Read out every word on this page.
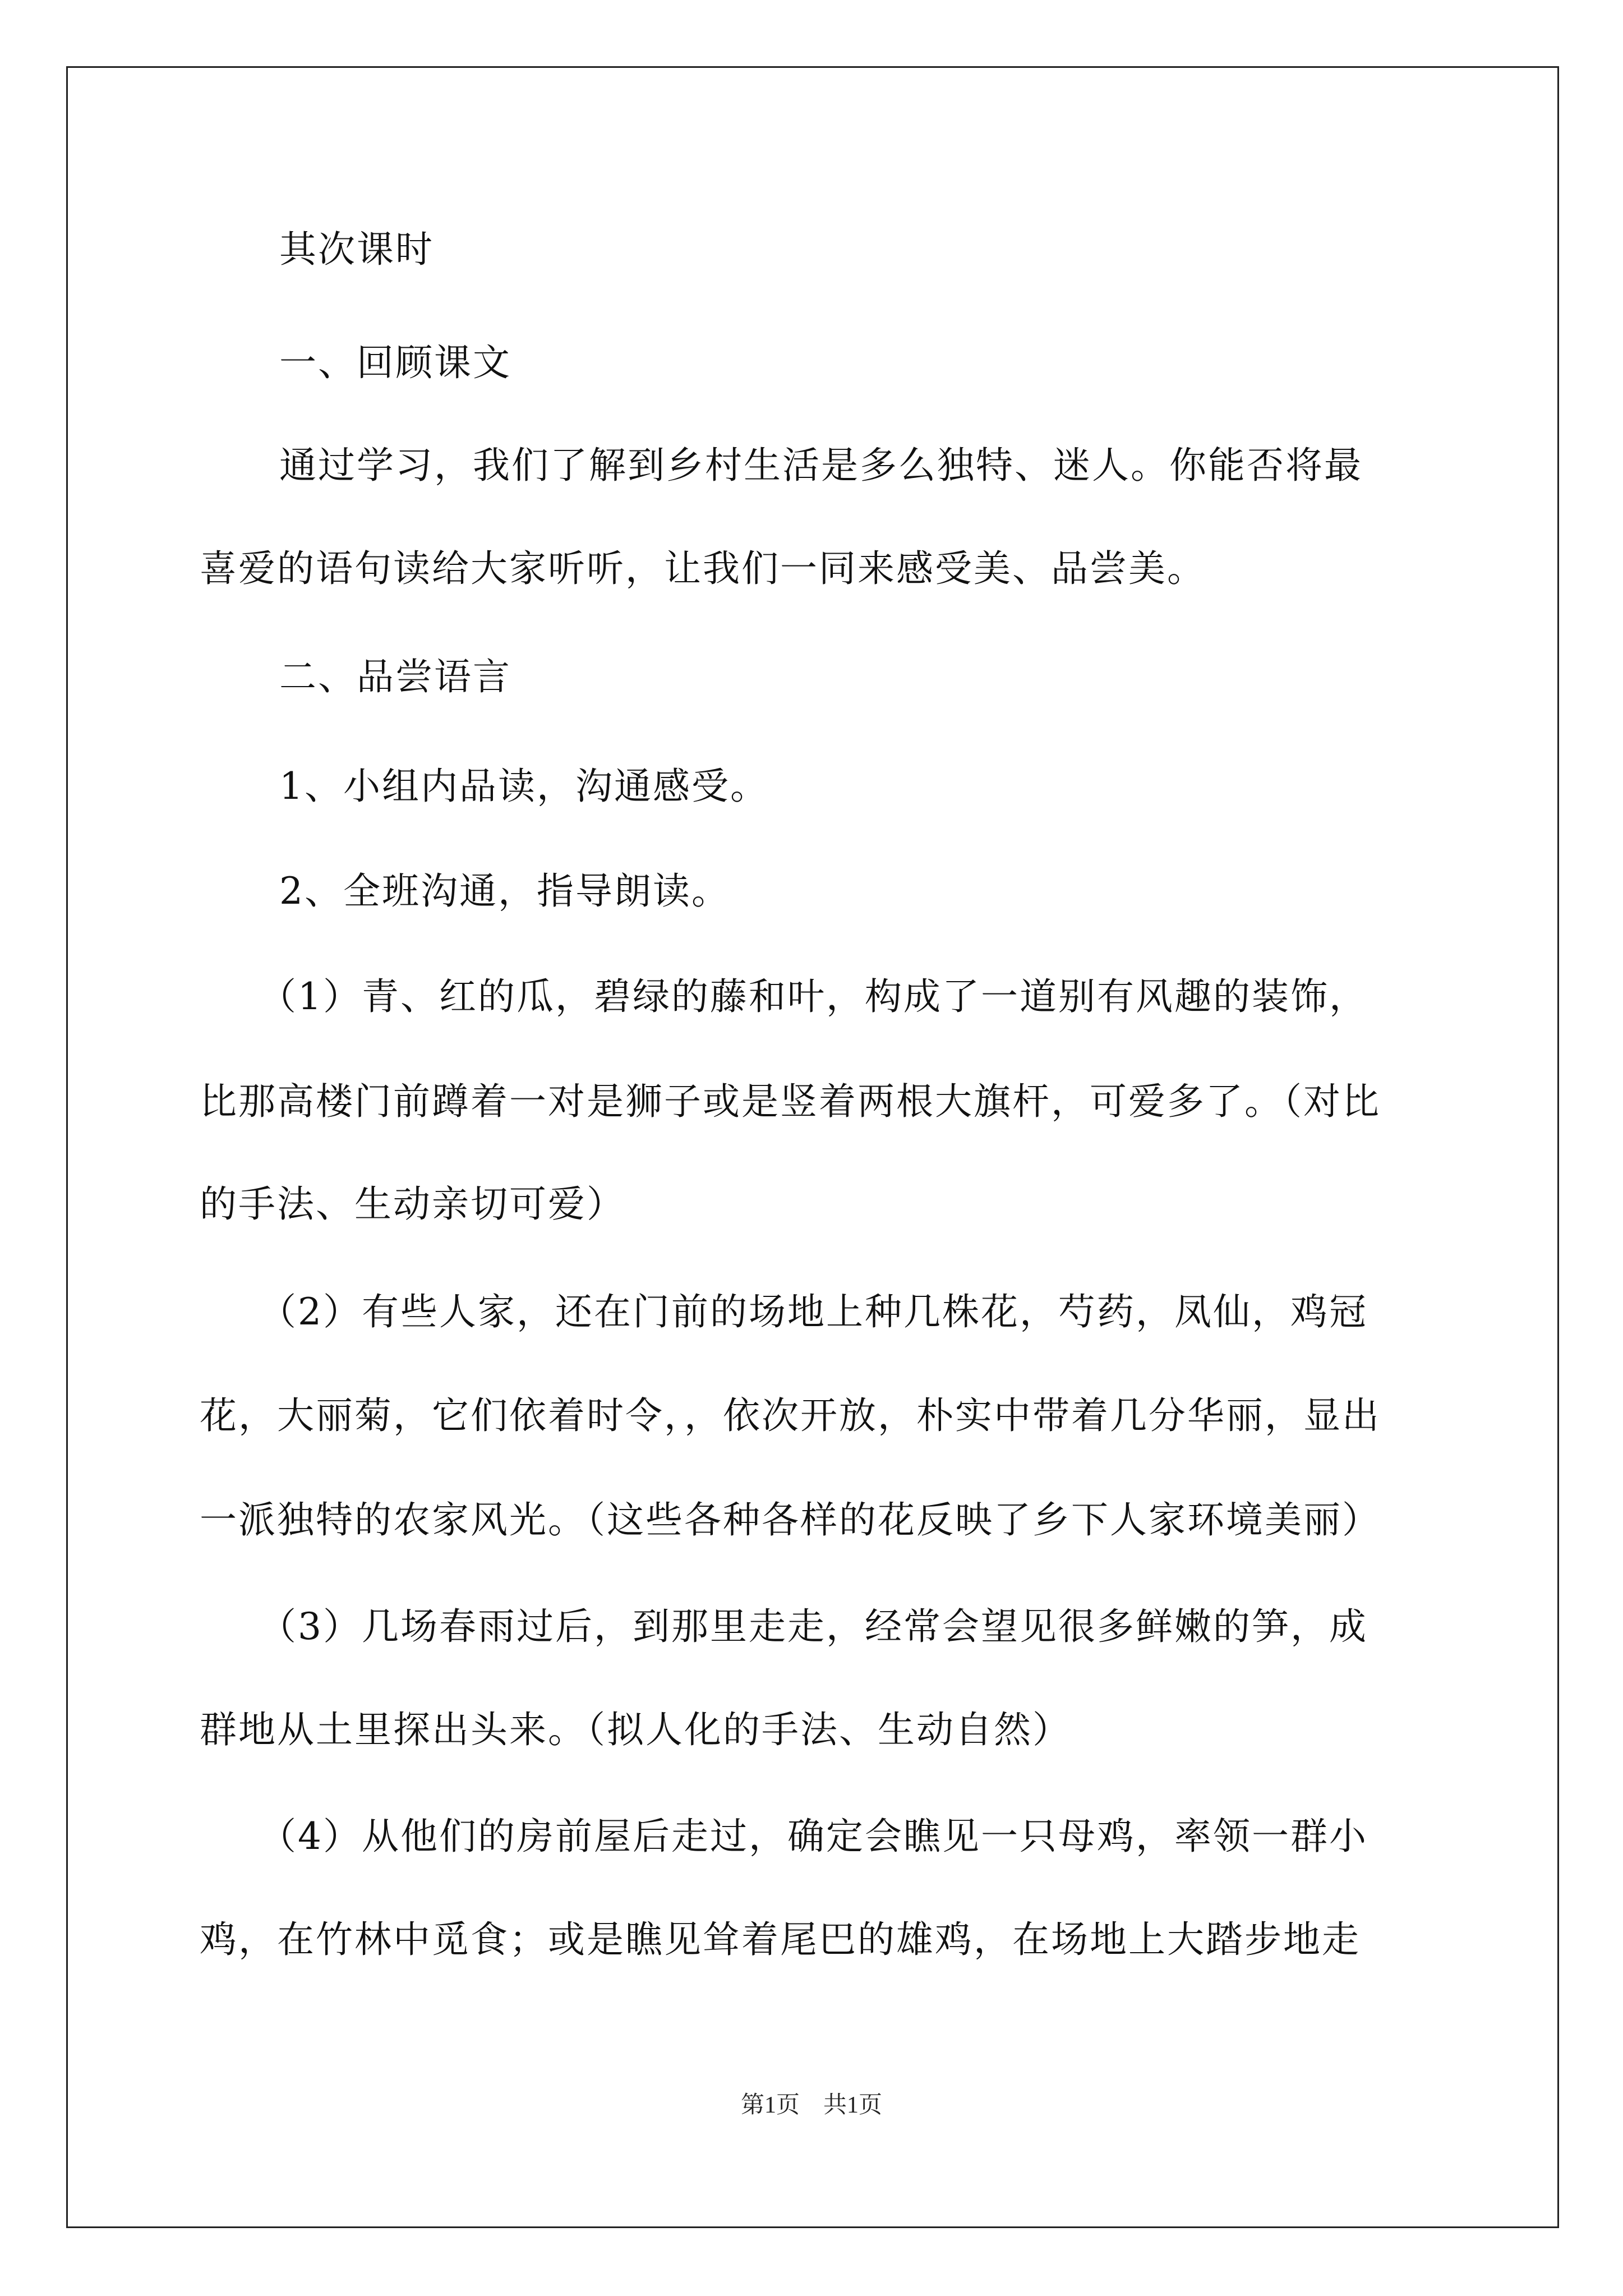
其次课时
一、回顾课文
通过学习，我们了解到乡村生活是多么独特、迷人。你能否将最
喜爱的语句读给大家听听，让我们一同来感受美、品尝美。
二、品尝语言
1、小组内品读，沟通感受。
2、全班沟通，指导朗读。
（1）青、红的瓜，碧绿的藤和叶，构成了一道别有风趣的装饰，
比那高楼门前蹲着一对是狮子或是竖着两根大旗杆，可爱多了。（对比
的手法、生动亲切可爱）
（2）有些人家，还在门前的场地上种几株花，芍药，凤仙，鸡冠
花，大丽菊，它们依着时令，，依次开放，朴实中带着几分华丽，显出
一派独特的农家风光。（这些各种各样的花反映了乡下人家环境美丽）
（3）几场春雨过后，到那里走走，经常会望见很多鲜嫩的笋，成
群地从土里探出头来。（拟人化的手法、生动自然）
（4）从他们的房前屋后走过，确定会瞧见一只母鸡，率领一群小
鸡，在竹林中觅食；或是瞧见耸着尾巴的雄鸡，在场地上大踏步地走
第1页　共1页
